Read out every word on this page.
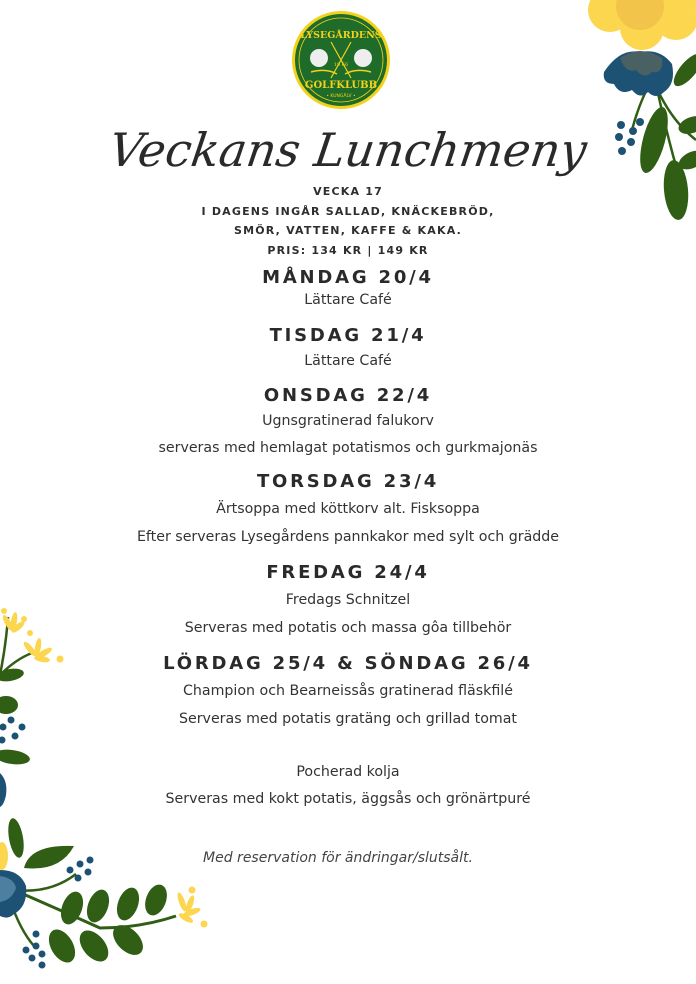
LYSEGÅRDENS
19 66
GOLFKLUBB
• KUNGÄLV •
Veckans Lunchmeny
VECKA 17
I DAGENS INGÅR SALLAD, KNÄCKEBRÖD,
SMÖR, VATTEN, KAFFE & KAKA.
PRIS: 134 KR | 149 KR
MÅNDAG 20/4
Lättare Café
TISDAG 21/4
Lättare Café
ONSDAG 22/4
Ugnsgratinerad falukorv
serveras med hemlagat potatismos och gurkmajonäs
TORSDAG 23/4
Ärtsoppa med köttkorv alt. Fisksoppa
Efter serveras Lysegårdens pannkakor med sylt och grädde
FREDAG 24/4
Fredags Schnitzel
Serveras med potatis och massa gôa tillbehör
LÖRDAG 25/4 & SÖNDAG 26/4
Champion och Bearneissås gratinerad fläskfilé
Serveras med potatis gratäng och grillad tomat
Pocherad kolja
Serveras med kokt potatis, äggsås och grönärtpuré
Med reservation för ändringar/slutsålt.
